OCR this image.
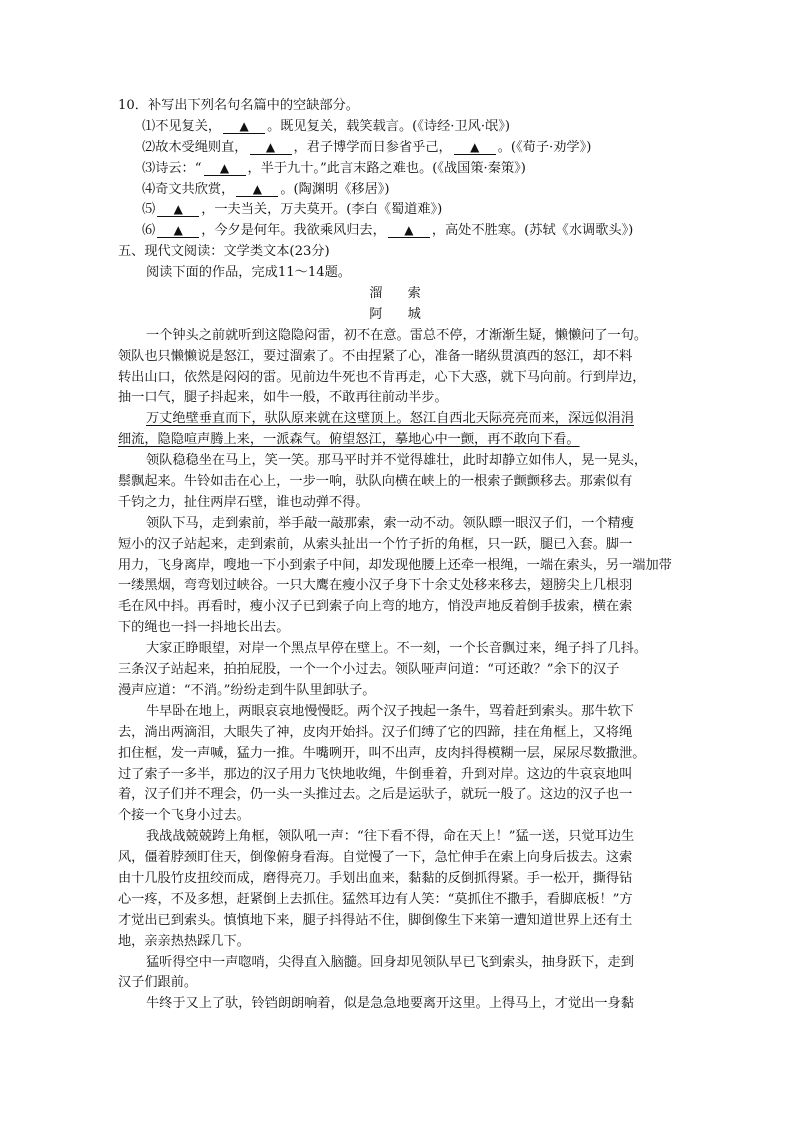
10．补写出下列名句名篇中的空缺部分。
⑴不见复关， ▲ 。既见复关，载笑载言。(《诗经·卫风·氓》)
⑵故木受绳则直， ▲ ，君子博学而日参省乎己， ▲ 。(《荀子·劝学》)
⑶诗云：“ ▲ ，半于九十。”此言末路之难也。(《战国策·秦策》)
⑷奇文共欣赏， ▲ 。(陶渊明《移居》)
⑸ ▲ ，一夫当关，万夫莫开。(李白《蜀道难》)
⑹ ▲ ，今夕是何年。我欲乘风归去， ▲ ，高处不胜寒。(苏轼《水调歌头》)
五、现代文阅读：文学类文本(23分)
阅读下面的作品，完成11～14题。
溜　索
阿　城
一个钟头之前就听到这隐隐闷雷，初不在意。雷总不停，才渐渐生疑，懒懒问了一句。
领队也只懒懒说是怒江，要过溜索了。不由捏紧了心，准备一睹纵贯滇西的怒江，却不料
转出山口，依然是闷闷的雷。见前边牛死也不肯再走，心下大惑，就下马向前。行到岸边，
抽一口气，腿子抖起来，如牛一般，不敢再往前动半步。
万丈绝壁垂直而下，驮队原来就在这壁顶上。怒江自西北天际亮亮而来，深远似涓涓
细流，隐隐喧声腾上来，一派森气。俯望怒江，摹地心中一颤，再不敢向下看。
领队稳稳坐在马上，笑一笑。那马平时并不觉得雄壮，此时却静立如伟人，晃一晃头，
鬃飘起来。牛铃如击在心上，一步一响，驮队向横在峡上的一根索子颤颤移去。那索似有
千钧之力，扯住两岸石壁，谁也动弹不得。
领队下马，走到索前，举手敲一敲那索，索一动不动。领队瞟一眼汉子们，一个精瘦
短小的汉子站起来，走到索前，从索头扯出一个竹子折的角框，只一跃，腿已入套。脚一
用力，飞身离岸，嗖地一下小到索子中间，却发现他腰上还牵一根绳，一端在索头，另一端加带
一缕黑烟，弯弯划过峡谷。一只大鹰在瘦小汉子身下十余丈处移来移去，翅膀尖上几根羽
毛在风中抖。再看时，瘦小汉子已到索子向上弯的地方，悄没声地反着倒手拔索，横在索
下的绳也一抖一抖地长出去。
大家正睁眼望，对岸一个黑点早停在壁上。不一刻，一个长音飘过来，绳子抖了几抖。
三条汉子站起来，拍拍屁股，一个一个小过去。领队哑声问道：“可还敢？”余下的汉子
漫声应道：“不消。”纷纷走到牛队里卸驮子。
牛早卧在地上，两眼哀哀地慢慢眨。两个汉子拽起一条牛，骂着赶到索头。那牛软下
去，淌出两滴泪，大眼失了神，皮肉开始抖。汉子们缚了它的四蹄，挂在角框上，又将绳
扣住框，发一声喊，猛力一推。牛嘴咧开，叫不出声，皮肉抖得模糊一层，屎尿尽数撒泄。
过了索子一多半，那边的汉子用力飞快地收绳，牛倒垂着，升到对岸。这边的牛哀哀地叫
着，汉子们并不理会，仍一头一头推过去。之后是运驮子，就玩一般了。这边的汉子也一
个接一个飞身小过去。
我战战兢兢跨上角框，领队吼一声：“往下看不得，命在天上！”猛一送，只觉耳边生
风，僵着脖颈盯住天，倒像俯身看海。自觉慢了一下，急忙伸手在索上向身后拔去。这索
由十几股竹皮扭绞而成，磨得亮刀。手划出血来，黏黏的反倒抓得紧。手一松开，撕得钻
心一疼，不及多想，赶紧倒上去抓住。猛然耳边有人笑：“莫抓住不撒手，看脚底板！”方
才觉出已到索头。慎慎地下来，腿子抖得站不住，脚倒像生下来第一遭知道世界上还有土
地，亲亲热热踩几下。
猛听得空中一声唿哨，尖得直入脑髓。回身却见领队早已飞到索头，抽身跃下，走到
汉子们跟前。
牛终于又上了驮，铃铛朗朗响着，似是急急地要离开这里。上得马上，才觉出一身黏
